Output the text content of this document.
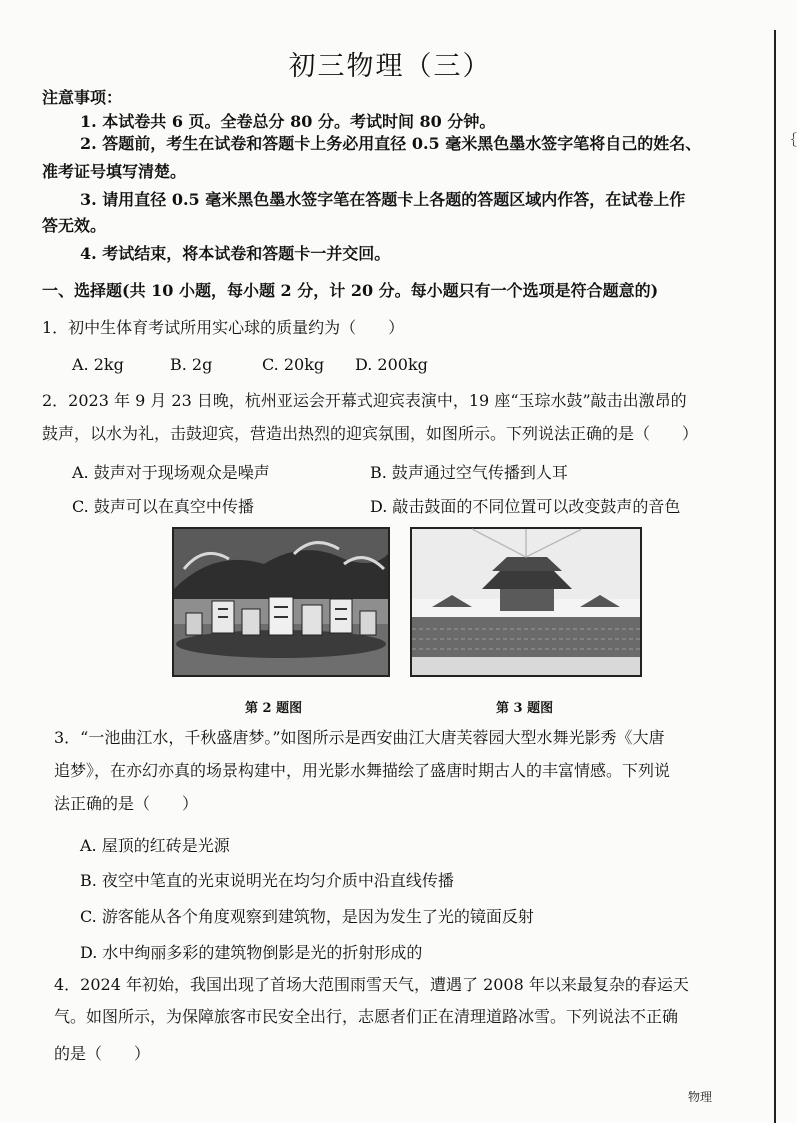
｛
初三物理（三）
注意事项：
1. 本试卷共 6 页。全卷总分 80 分。考试时间 80 分钟。
2. 答题前，考生在试卷和答题卡上务必用直径 0.5 毫米黑色墨水签字笔将自己的姓名、
准考证号填写清楚。
3. 请用直径 0.5 毫米黑色墨水签字笔在答题卡上各题的答题区域内作答，在试卷上作
答无效。
4. 考试结束，将本试卷和答题卡一并交回。
一、选择题(共 10 小题，每小题 2 分，计 20 分。每小题只有一个选项是符合题意的)
1．初中生体育考试所用实心球的质量约为（　　）
A. 2kg	B. 2g	C. 20kg D. 200kg
2．2023 年 9 月 23 日晚，杭州亚运会开幕式迎宾表演中，19 座“玉琮水鼓”敲击出激昂的
鼓声，以水为礼，击鼓迎宾，营造出热烈的迎宾氛围，如图所示。下列说法正确的是（　　）
A. 鼓声对于现场观众是噪声	B. 鼓声通过空气传播到人耳
C. 鼓声可以在真空中传播	D. 敲击鼓面的不同位置可以改变鼓声的音色
第 2 题图	第 3 题图
3．“一池曲江水，千秋盛唐梦。”如图所示是西安曲江大唐芙蓉园大型水舞光影秀《大唐
追梦》，在亦幻亦真的场景构建中，用光影水舞描绘了盛唐时期古人的丰富情感。下列说
法正确的是（　　）
A. 屋顶的红砖是光源
B. 夜空中笔直的光束说明光在均匀介质中沿直线传播
C. 游客能从各个角度观察到建筑物，是因为发生了光的镜面反射
D. 水中绚丽多彩的建筑物倒影是光的折射形成的
4．2024 年初始，我国出现了首场大范围雨雪天气，遭遇了 2008 年以来最复杂的春运天
气。如图所示，为保障旅客市民安全出行，志愿者们正在清理道路冰雪。下列说法不正确
的是（　　）
物理
